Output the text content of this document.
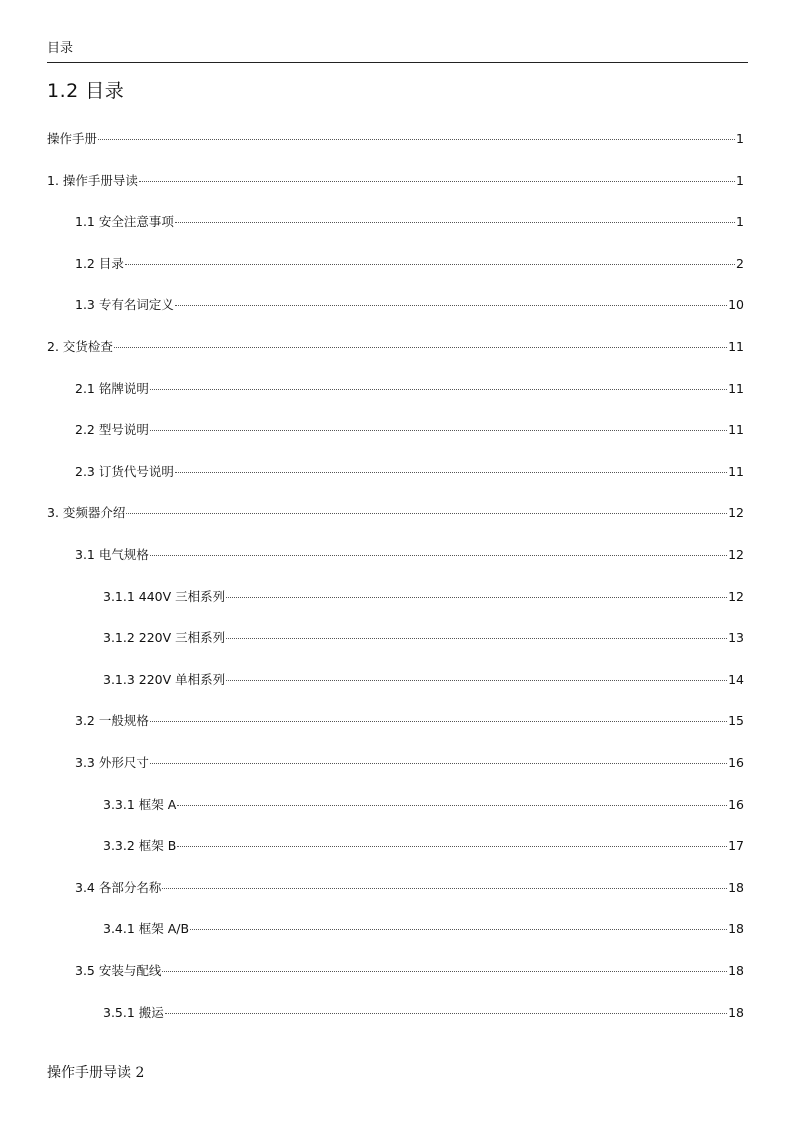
目录
1.2 目录
操作手册	1
1. 操作手册导读	1
1.1 安全注意事项	1
1.2 目录	2
1.3 专有名词定义	10
2. 交货检查	11
2.1 铭牌说明	11
2.2 型号说明	11
2.3 订货代号说明	11
3. 变频器介绍	12
3.1 电气规格	12
3.1.1 440V 三相系列	12
3.1.2 220V 三相系列	13
3.1.3 220V 单相系列	14
3.2 一般规格	15
3.3 外形尺寸	16
3.3.1 框架 A	16
3.3.2 框架 B	17
3.4 各部分名称	18
3.4.1 框架 A/B	18
3.5 安装与配线	18
3.5.1 搬运	18
操作手册导读 2
